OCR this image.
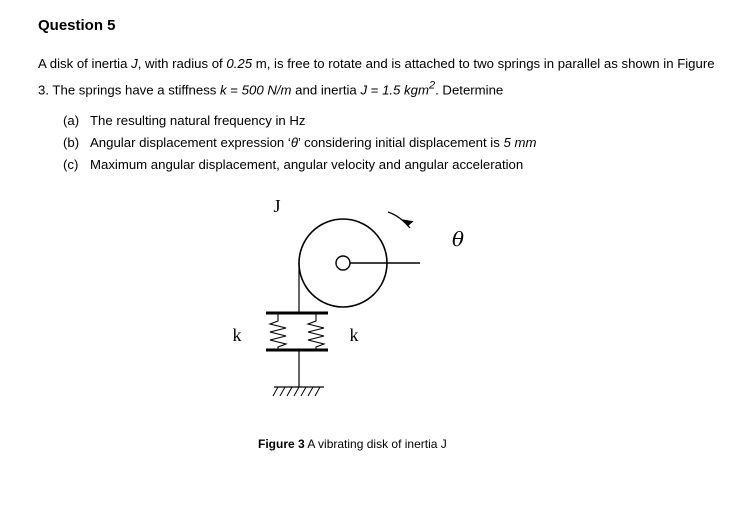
Question 5

A disk of inertia J, with radius of 0.25 m, is free to rotate and is attached to two springs in parallel as shown in Figure 3. The springs have a stiffness k = 500 N/m and inertia J = 1.5 kgm$^2$. Determine

(a) The resulting natural frequency in Hz
(b) Angular displacement expression ‘θ’ considering initial displacement is 5 mm
(c) Maximum angular displacement, angular velocity and angular acceleration
J
θ
k	k

Figure 3 A vibrating disk of inertia J
